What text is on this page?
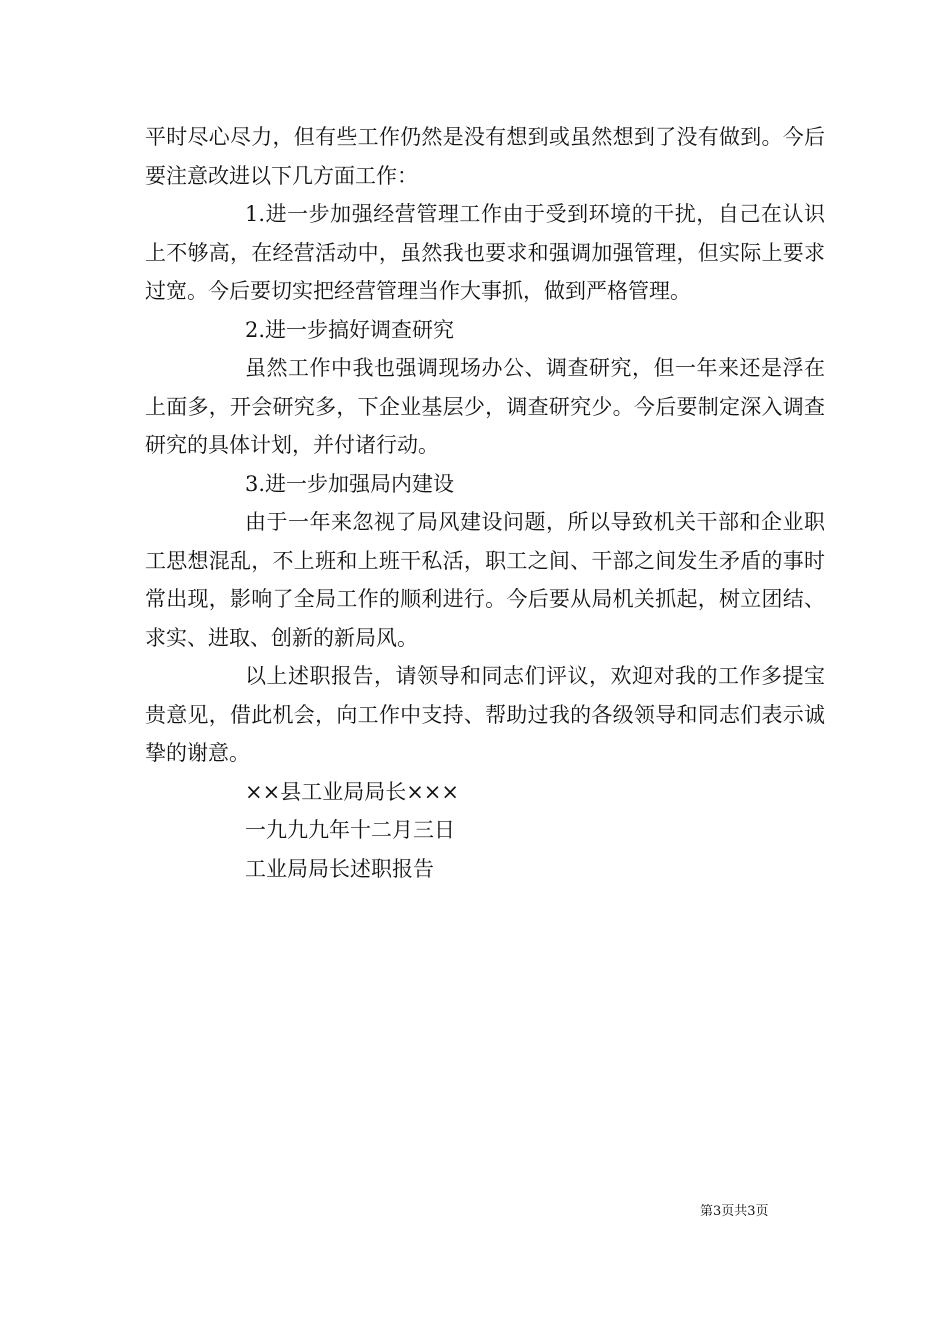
平时尽心尽力，但有些工作仍然是没有想到或虽然想到了没有做到。今后要注意改进以下几方面工作：

1.进一步加强经营管理工作由于受到环境的干扰，自己在认识上不够高，在经营活动中，虽然我也要求和强调加强管理，但实际上要求过宽。今后要切实把经营管理当作大事抓，做到严格管理。

2.进一步搞好调查研究

虽然工作中我也强调现场办公、调查研究，但一年来还是浮在上面多，开会研究多，下企业基层少，调查研究少。今后要制定深入调查研究的具体计划，并付诸行动。

3.进一步加强局内建设

由于一年来忽视了局风建设问题，所以导致机关干部和企业职工思想混乱，不上班和上班干私活，职工之间、干部之间发生矛盾的事时常出现，影响了全局工作的顺利进行。今后要从局机关抓起，树立团结、求实、进取、创新的新局风。

以上述职报告，请领导和同志们评议，欢迎对我的工作多提宝贵意见，借此机会，向工作中支持、帮助过我的各级领导和同志们表示诚挚的谢意。

××县工业局局长×××

一九九九年十二月三日

工业局局长述职报告

第3页共3页
